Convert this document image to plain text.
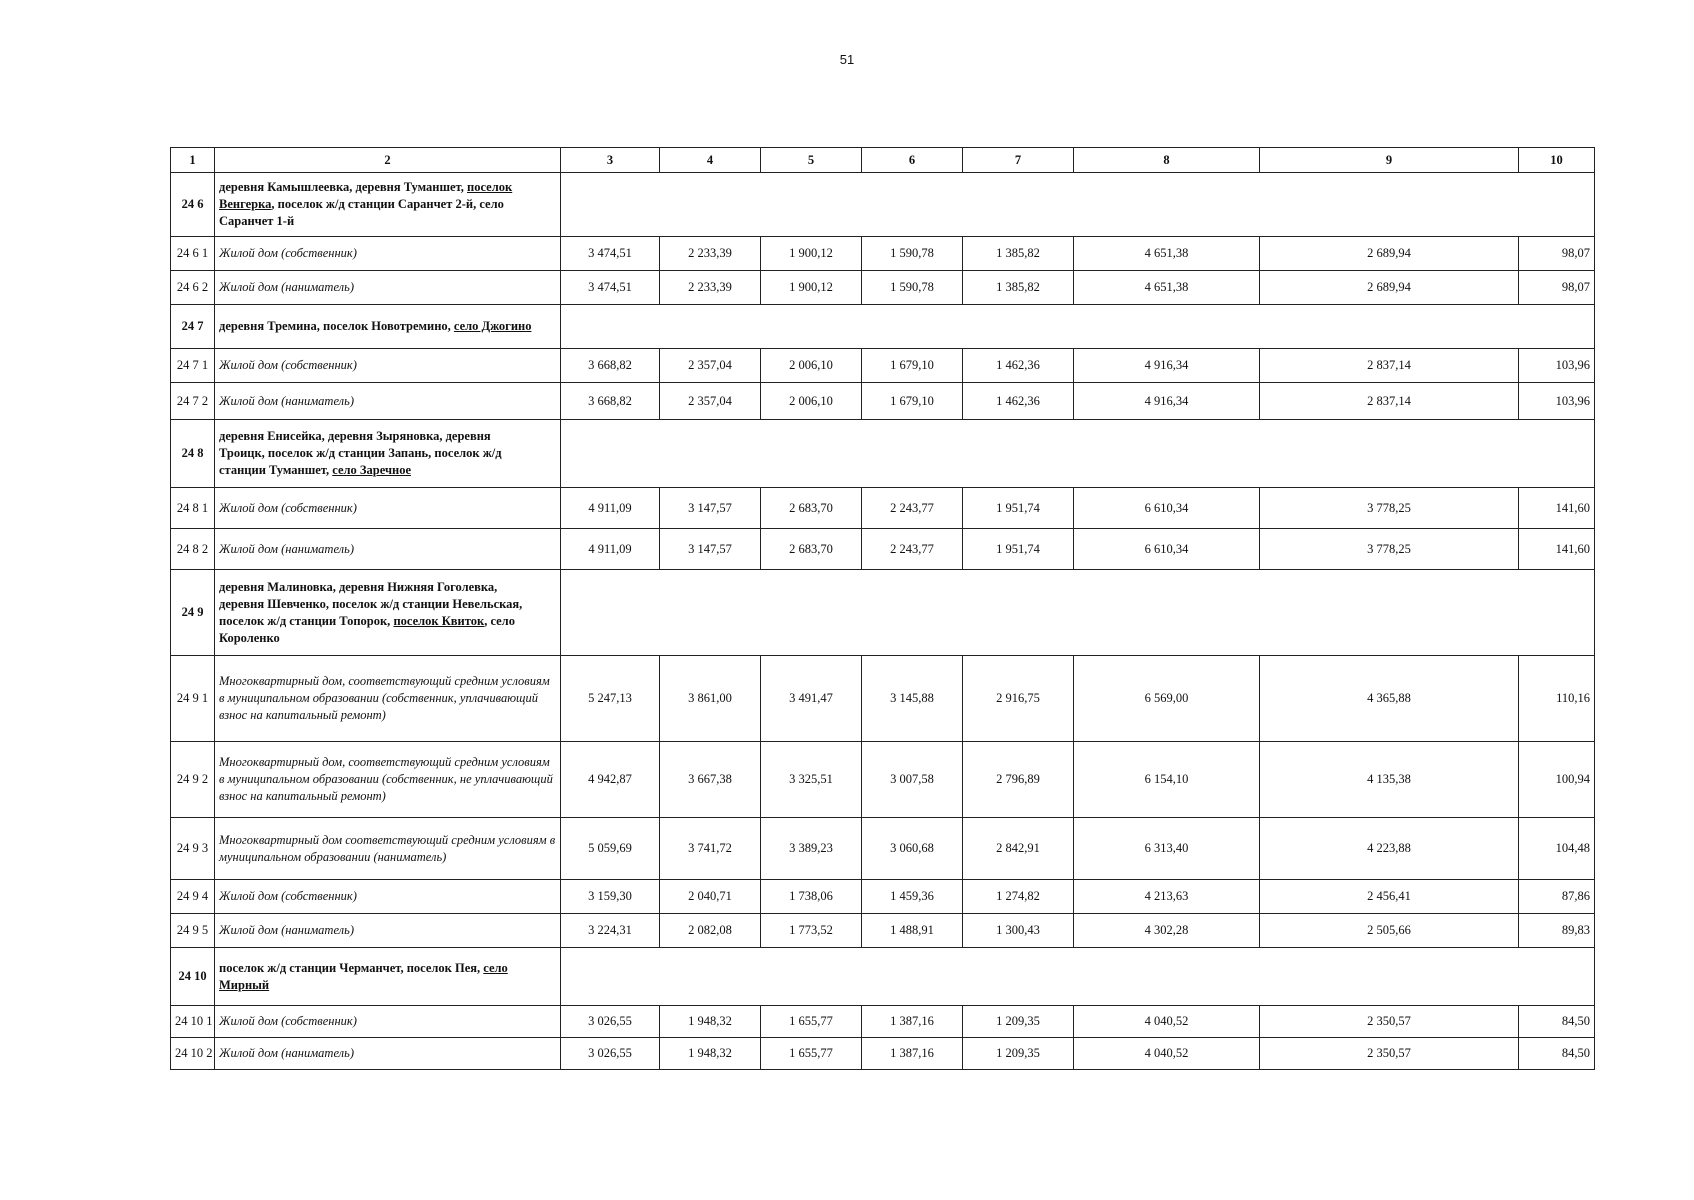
51
1	2	3	4	5	6	7	8	9	10
24 6	деревня Камышлеевка, деревня Туманшет, поселок Венгерка, поселок ж/д станции Саранчет 2-й, село Саранчет 1-й								

24 6 1	Жилой дом (собственник)	3 474,51	2 233,39	1 900,12	1 590,78	1 385,82	4 651,38	2 689,94	98,07
24 6 2	Жилой дом (наниматель)	3 474,51	2 233,39	1 900,12	1 590,78	1 385,82	4 651,38	2 689,94	98,07
24 7	деревня Тремина, поселок Новотремино, село Джогино								

24 7 1	Жилой дом (собственник)	3 668,82	2 357,04	2 006,10	1 679,10	1 462,36	4 916,34	2 837,14	103,96
24 7 2	Жилой дом (наниматель)	3 668,82	2 357,04	2 006,10	1 679,10	1 462,36	4 916,34	2 837,14	103,96
24 8	деревня Енисейка, деревня Зыряновка, деревня Троицк, поселок ж/д станции Запань, поселок ж/д станции Туманшет, село Заречное								

24 8 1	Жилой дом (собственник)	4 911,09	3 147,57	2 683,70	2 243,77	1 951,74	6 610,34	3 778,25	141,60
24 8 2	Жилой дом (наниматель)	4 911,09	3 147,57	2 683,70	2 243,77	1 951,74	6 610,34	3 778,25	141,60
24 9	деревня Малиновка, деревня Нижняя Гоголевка, деревня Шевченко, поселок ж/д станции Невельская, поселок ж/д станции Топорок, поселок Квиток, село Короленко								

24 9 1	Многоквартирный дом, соответствующий средним условиям в муниципальном образовании (собственник, уплачивающий взнос на капитальный ремонт)	5 247,13	3 861,00	3 491,47	3 145,88	2 916,75	6 569,00	4 365,88	110,16
24 9 2	Многоквартирный дом, соответствующий средним условиям в муниципальном образовании (собственник, не уплачивающий взнос на капитальный ремонт)	4 942,87	3 667,38	3 325,51	3 007,58	2 796,89	6 154,10	4 135,38	100,94
24 9 3	Многоквартирный дом соответствующий средним условиям в муниципальном образовании (наниматель)	5 059,69	3 741,72	3 389,23	3 060,68	2 842,91	6 313,40	4 223,88	104,48
24 9 4	Жилой дом (собственник)	3 159,30	2 040,71	1 738,06	1 459,36	1 274,82	4 213,63	2 456,41	87,86
24 9 5	Жилой дом (наниматель)	3 224,31	2 082,08	1 773,52	1 488,91	1 300,43	4 302,28	2 505,66	89,83
24 10	поселок ж/д станции Черманчет, поселок Пея, село Мирный								

24 10 1	Жилой дом (собственник)	3 026,55	1 948,32	1 655,77	1 387,16	1 209,35	4 040,52	2 350,57	84,50
24 10 2	Жилой дом (наниматель)	3 026,55	1 948,32	1 655,77	1 387,16	1 209,35	4 040,52	2 350,57	84,50
